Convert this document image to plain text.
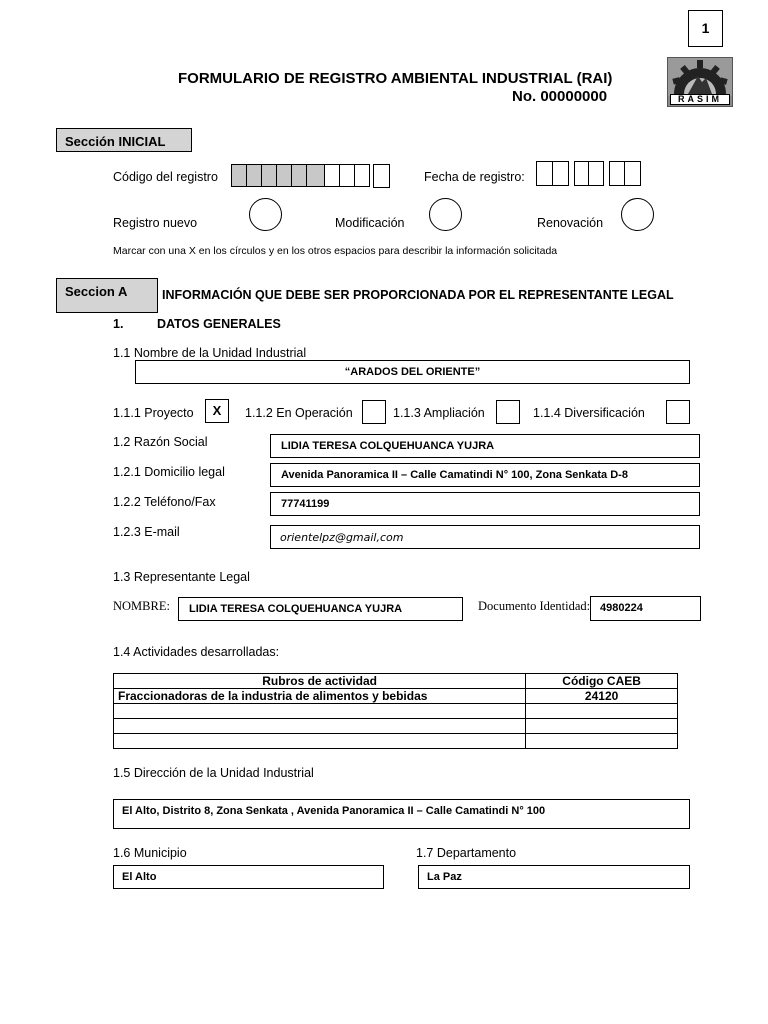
1
FORMULARIO DE REGISTRO AMBIENTAL INDUSTRIAL (RAI)
No. 00000000	RASIM
Sección INICIAL
Código del registro	Fecha de registro:
Registro nuevo	Modificación	Renovación
Marcar con una X en los círculos y en los otros espacios para describir la información solicitada
Seccion A	INFORMACIÓN QUE DEBE SER PROPORCIONADA POR EL REPRESENTANTE LEGAL
1.	DATOS GENERALES
1.1 Nombre de la Unidad Industrial
“ARADOS DEL ORIENTE”
1.1.1 Proyecto	X	1.1.2 En Operación	1.1.3 Ampliación	1.1.4 Diversificación
1.2 Razón Social	LIDIA TERESA COLQUEHUANCA YUJRA
1.2.1 Domicilio legal	Avenida Panoramica II – Calle Camatindi N° 100, Zona Senkata D-8
1.2.2 Teléfono/Fax	77741199
1.2.3 E-mail	orientelpz@gmail,com
1.3 Representante Legal
NOMBRE: LIDIA TERESA COLQUEHUANCA YUJRA	Documento Identidad: 4980224
1.4 Actividades desarrolladas:
Rubros de actividad	Código CAEB
Fraccionadoras de la industria de alimentos y bebidas	24120

1.5 Dirección de la Unidad Industrial
El Alto, Distrito 8, Zona Senkata , Avenida Panoramica II – Calle Camatindi N° 100
1.6 Municipio
El Alto
1.7 Departamento
La Paz
